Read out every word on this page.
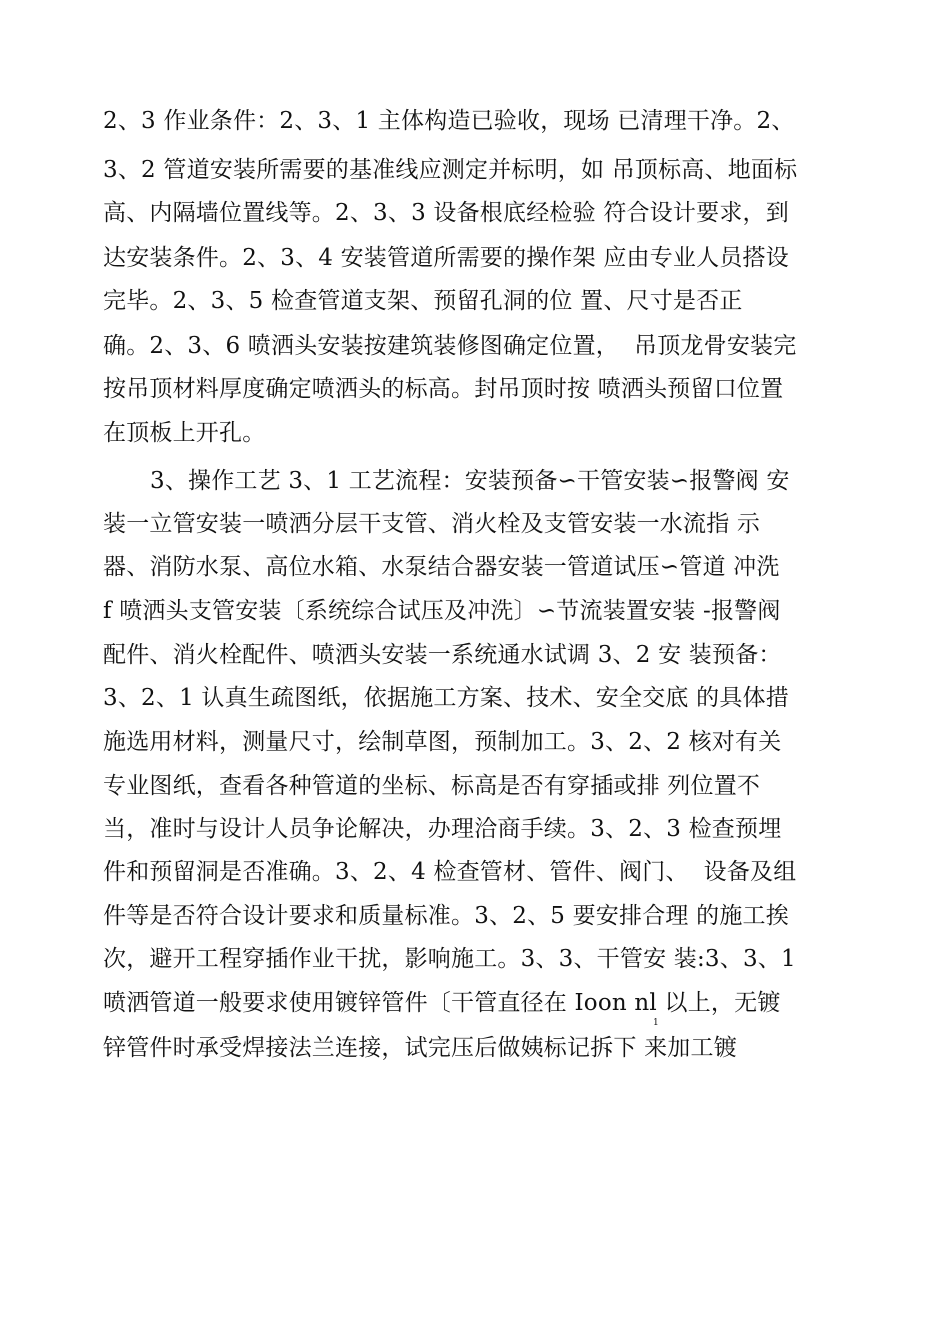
2、3 作业条件：2、3、1 主体构造已验收，现场 已清理干净。2、
3、2 管道安装所需要的基准线应测定并标明，如 吊顶标高、地面标
高、内隔墙位置线等。2、3、3 设备根底经检验 符合设计要求，到
达安装条件。2、3、4 安装管道所需要的操作架 应由专业人员搭设
完毕。2、3、5 检查管道支架、预留孔洞的位 置、尺寸是否正
确。2、3、6 喷洒头安装按建筑装修图确定位置，  吊顶龙骨安装完
按吊顶材料厚度确定喷洒头的标高。封吊顶时按 喷洒头预留口位置
在顶板上开孔。
3、操作工艺 3、1 工艺流程：安装预备∽干管安装∽报警阀 安
装一立管安装一喷洒分层干支管、消火栓及支管安装一水流指 示
器、消防水泵、高位水箱、水泵结合器安装一管道试压∽管道 冲洗
f 喷洒头支管安装〔系统综合试压及冲洗〕∽节流装置安装 -报警阀
配件、消火栓配件、喷洒头安装一系统通水试调 3、2 安 装预备：
3、2、1 认真生疏图纸，依据施工方案、技术、安全交底 的具体措
施选用材料，测量尺寸，绘制草图，预制加工。3、2、2 核对有关
专业图纸，查看各种管道的坐标、标高是否有穿插或排 列位置不
当，准时与设计人员争论解决，办理洽商手续。3、2、3 检查预埋
件和预留洞是否准确。3、2、4 检查管材、管件、阀门、  设备及组
件等是否符合设计要求和质量标准。3、2、5 要安排合理 的施工挨
次，避开工程穿插作业干扰，影响施工。3、3、干管安 装:3、3、1
喷洒管道一般要求使用镀锌管件〔干管直径在 Ioon nl 以上，无镀
1
锌管件时承受焊接法兰连接，试完压后做姨标记拆下 来加工镀
